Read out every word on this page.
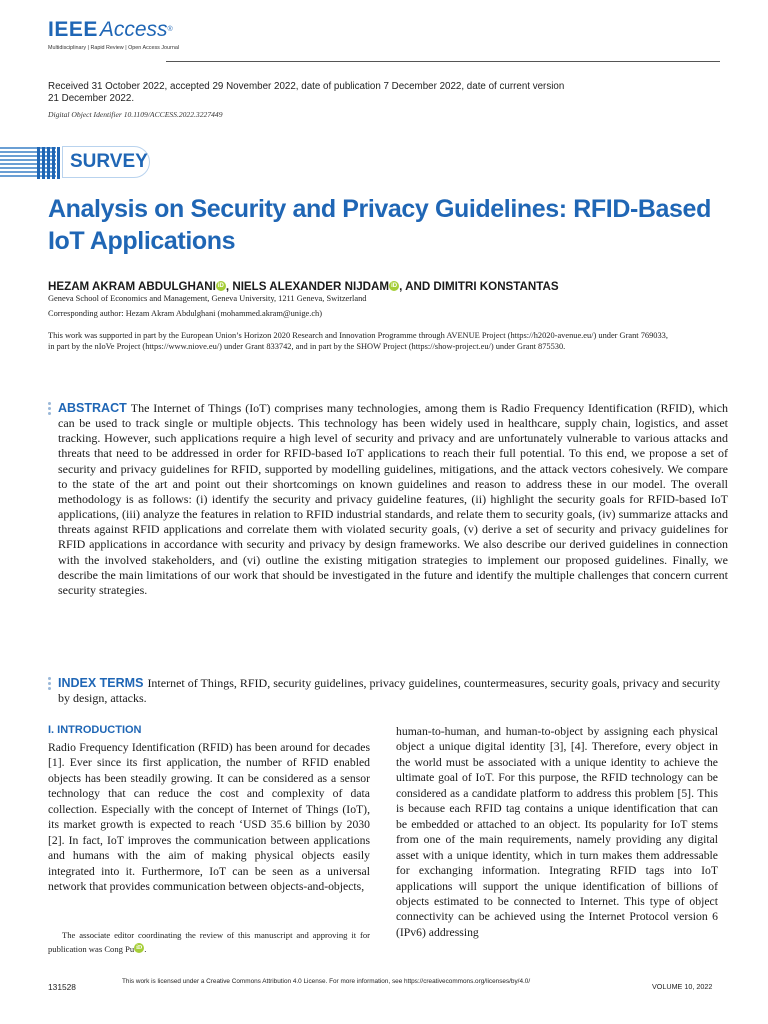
IEEEAccess®
Multidisciplinary | Rapid Review | Open Access Journal
Received 31 October 2022, accepted 29 November 2022, date of publication 7 December 2022, date of current version 21 December 2022.
Digital Object Identifier 10.1109/ACCESS.2022.3227449
SURVEY
Analysis on Security and Privacy Guidelines: RFID-Based IoT Applications
HEZAM AKRAM ABDULGHANI iD , NIELS ALEXANDER NIJDAM iD , AND DIMITRI KONSTANTAS
Geneva School of Economics and Management, Geneva University, 1211 Geneva, Switzerland
Corresponding author: Hezam Akram Abdulghani (mohammed.akram@unige.ch)
This work was supported in part by the European Union’s Horizon 2020 Research and Innovation Programme through AVENUE Project (https://h2020-avenue.eu/) under Grant 769033, in part by the nIoVe Project (https://www.niove.eu/) under Grant 833742, and in part by the SHOW Project (https://show-project.eu/) under Grant 875530.
ABSTRACT The Internet of Things (IoT) comprises many technologies, among them is Radio Frequency Identification (RFID), which can be used to track single or multiple objects. This technology has been widely used in healthcare, supply chain, logistics, and asset tracking. However, such applications require a high level of security and privacy and are unfortunately vulnerable to various attacks and threats that need to be addressed in order for RFID-based IoT applications to reach their full potential. To this end, we propose a set of security and privacy guidelines for RFID, supported by modelling guidelines, mitigations, and the attack vectors cohesively. We compare to the state of the art and point out their shortcomings on known guidelines and reason to address these in our model. The overall methodology is as follows: (i) identify the security and privacy guideline features, (ii) highlight the security goals for RFID-based IoT applications, (iii) analyze the features in relation to RFID industrial standards, and relate them to security goals, (iv) summarize attacks and threats against RFID applications and correlate them with violated security goals, (v) derive a set of security and privacy guidelines for RFID applications in accordance with security and privacy by design frameworks. We also describe our derived guidelines in connection with the involved stakeholders, and (vi) outline the existing mitigation strategies to implement our proposed guidelines. Finally, we describe the main limitations of our work that should be investigated in the future and identify the multiple challenges that concern current security strategies.
INDEX TERMS Internet of Things, RFID, security guidelines, privacy guidelines, countermeasures, security goals, privacy and security by design, attacks.
I. INTRODUCTION
Radio Frequency Identification (RFID) has been around for decades [1]. Ever since its first application, the number of RFID enabled objects has been steadily growing. It can be considered as a sensor technology that can reduce the cost and complexity of data collection. Especially with the concept of Internet of Things (IoT), its market growth is expected to reach ‘USD 35.6 billion by 2030 [2]. In fact, IoT improves the communication between applications and humans with the aim of making physical objects easily integrated into it. Furthermore, IoT can be seen as a universal network that provides communication between objects-and-objects,
human-to-human, and human-to-object by assigning each physical object a unique digital identity [3], [4]. Therefore, every object in the world must be associated with a unique identity to achieve the ultimate goal of IoT. For this purpose, the RFID technology can be considered as a candidate platform to address this problem [5]. This is because each RFID tag contains a unique identification that can be embedded or attached to an object. Its popularity for IoT stems from one of the main requirements, namely providing any digital asset with a unique identity, which in turn makes them addressable for exchanging information. Integrating RFID tags into IoT applications will support the unique identification of billions of objects estimated to be connected to Internet. This type of object connectivity can be achieved using the Internet Protocol version 6 (IPv6) addressing
The associate editor coordinating the review of this manuscript and approving it for publication was Cong Pu iD .
131528
This work is licensed under a Creative Commons Attribution 4.0 License. For more information, see https://creativecommons.org/licenses/by/4.0/
VOLUME 10, 2022
